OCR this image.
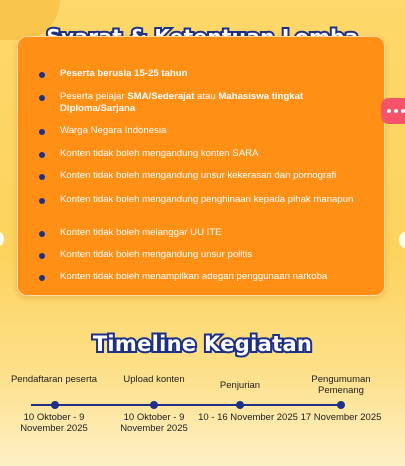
Peserta berusia 15-25 tahun
Peserta pelajar SMA/Sederajat atau Mahasiswa tingkat Diploma/Sarjana
Warga Negara Indonesia
Konten tidak boleh mengandung konten SARA
Konten tidak boleh mengandung unsur kekerasan dan pornografi
Konten tidak boleh mengandung penghinaan kepada pihak manapun
Konten tidak boleh melanggar UU ITE
Konten tidak boleh mengandung unsur politis
Konten tidak boleh menampilkan adegan penggunaan narkoba
Timeline Kegiatan
Pendaftaran peserta
10 Oktober - 9 November 2025
Upload konten
10 Oktober - 9 November 2025
Penjurian
10 - 16 November 2025
Pengumuman Pemenang
17 November 2025
